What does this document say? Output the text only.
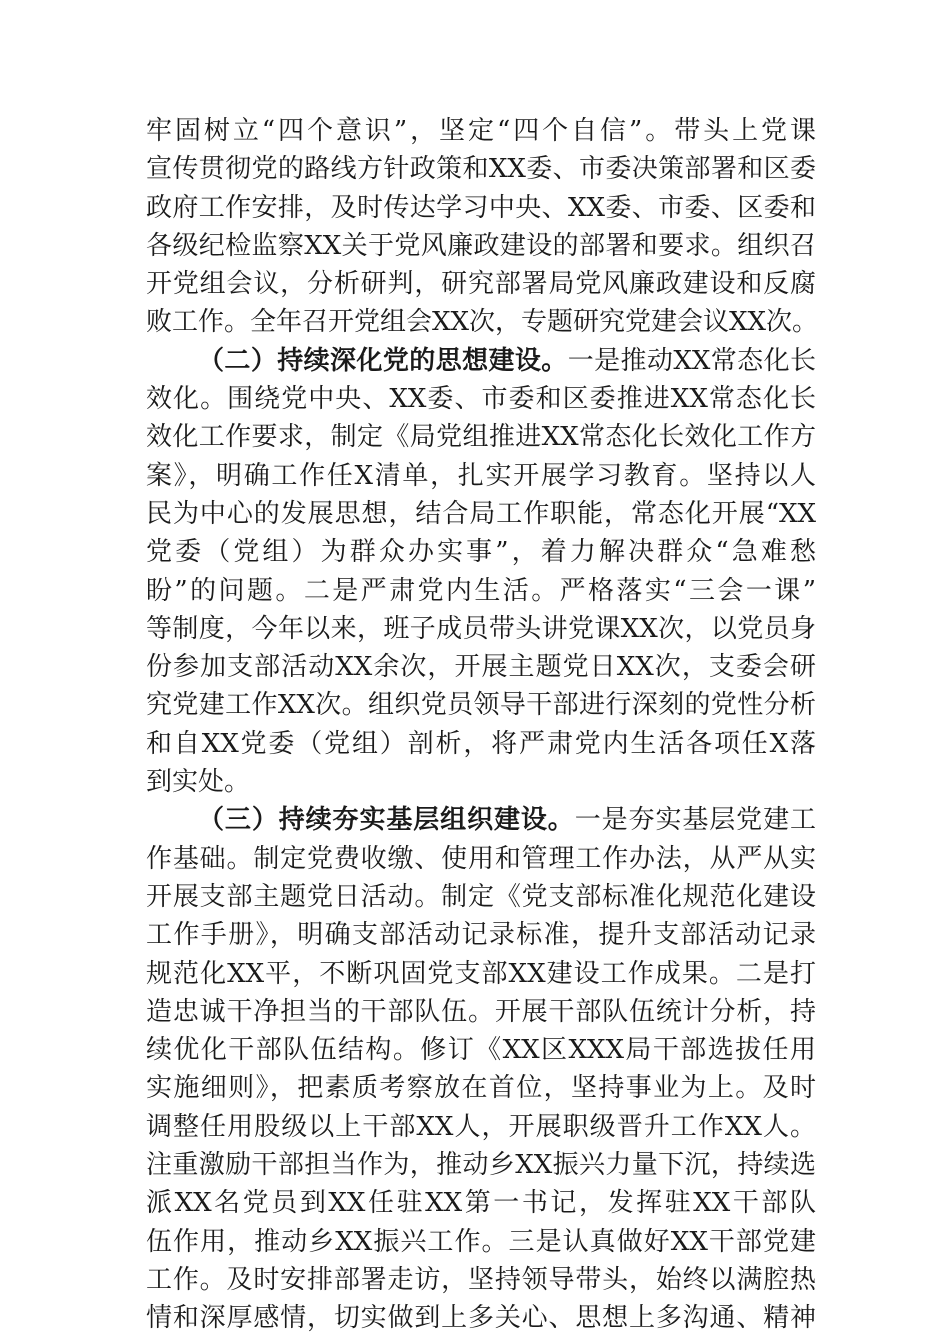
牢固树立“四个意识”，坚定“四个自信”。带头上党课
宣传贯彻党的路线方针政策和XX委、市委决策部署和区委
政府工作安排，及时传达学习中央、XX委、市委、区委和
各级纪检监察XX关于党风廉政建设的部署和要求。组织召
开党组会议，分析研判，研究部署局党风廉政建设和反腐
败工作。全年召开党组会XX次，专题研究党建会议XX次。
（二）持续深化党的思想建设。一是推动XX常态化长
效化。围绕党中央、XX委、市委和区委推进XX常态化长
效化工作要求，制定《局党组推进XX常态化长效化工作方
案》，明确工作任X清单，扎实开展学习教育。坚持以人
民为中心的发展思想，结合局工作职能，常态化开展“XX
党委（党组）为群众办实事”，着力解决群众“急难愁
盼”的问题。二是严肃党内生活。严格落实“三会一课”
等制度，今年以来，班子成员带头讲党课XX次，以党员身
份参加支部活动XX余次，开展主题党日XX次，支委会研
究党建工作XX次。组织党员领导干部进行深刻的党性分析
和自XX党委（党组）剖析，将严肃党内生活各项任X落
到实处。
（三）持续夯实基层组织建设。一是夯实基层党建工
作基础。制定党费收缴、使用和管理工作办法，从严从实
开展支部主题党日活动。制定《党支部标准化规范化建设
工作手册》，明确支部活动记录标准，提升支部活动记录
规范化XX平，不断巩固党支部XX建设工作成果。二是打
造忠诚干净担当的干部队伍。开展干部队伍统计分析，持
续优化干部队伍结构。修订《XX区XXX局干部选拔任用
实施细则》，把素质考察放在首位，坚持事业为上。及时
调整任用股级以上干部XX人，开展职级晋升工作XX人。
注重激励干部担当作为，推动乡XX振兴力量下沉，持续选
派XX名党员到XX任驻XX第一书记，发挥驻XX干部队
伍作用，推动乡XX振兴工作。三是认真做好XX干部党建
工作。及时安排部署走访，坚持领导带头，始终以满腔热
情和深厚感情，切实做到上多关心、思想上多沟通、精神
